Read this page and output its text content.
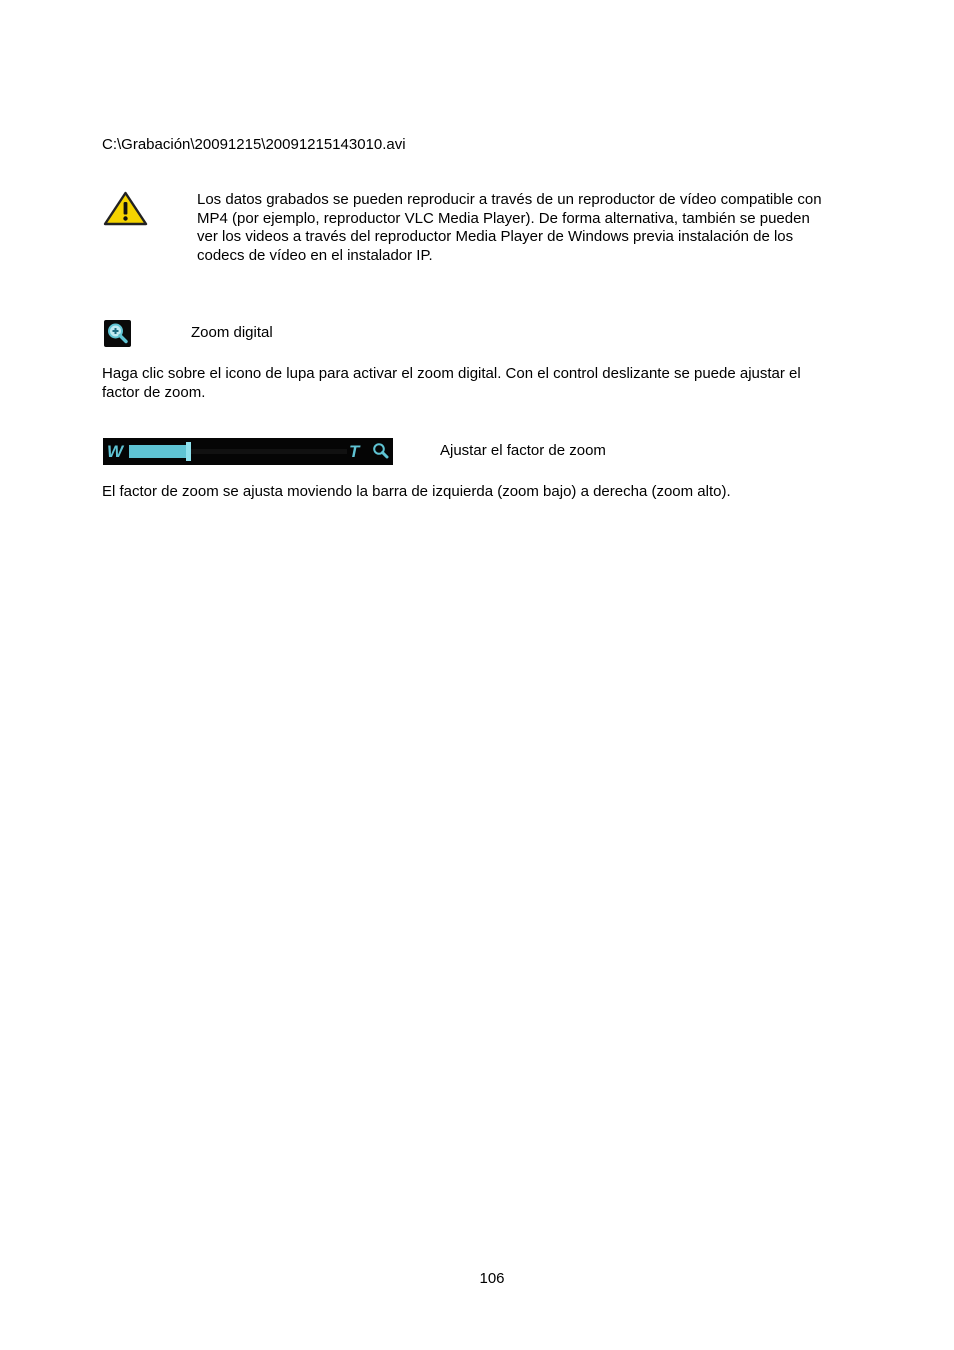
C:\Grabación\20091215\20091215143010.avi
Los datos grabados se pueden reproducir a través de un reproductor de vídeo compatible con
MP4 (por ejemplo, reproductor VLC Media Player). De forma alternativa, también se pueden
ver los videos a través del reproductor Media Player de Windows previa instalación de los
codecs de vídeo en el instalador IP.
Zoom digital
Haga clic sobre el icono de lupa para activar el zoom digital. Con el control deslizante se puede ajustar el
factor de zoom.
W	T	Ajustar el factor de zoom
El factor de zoom se ajusta moviendo la barra de izquierda (zoom bajo) a derecha (zoom alto).
106
